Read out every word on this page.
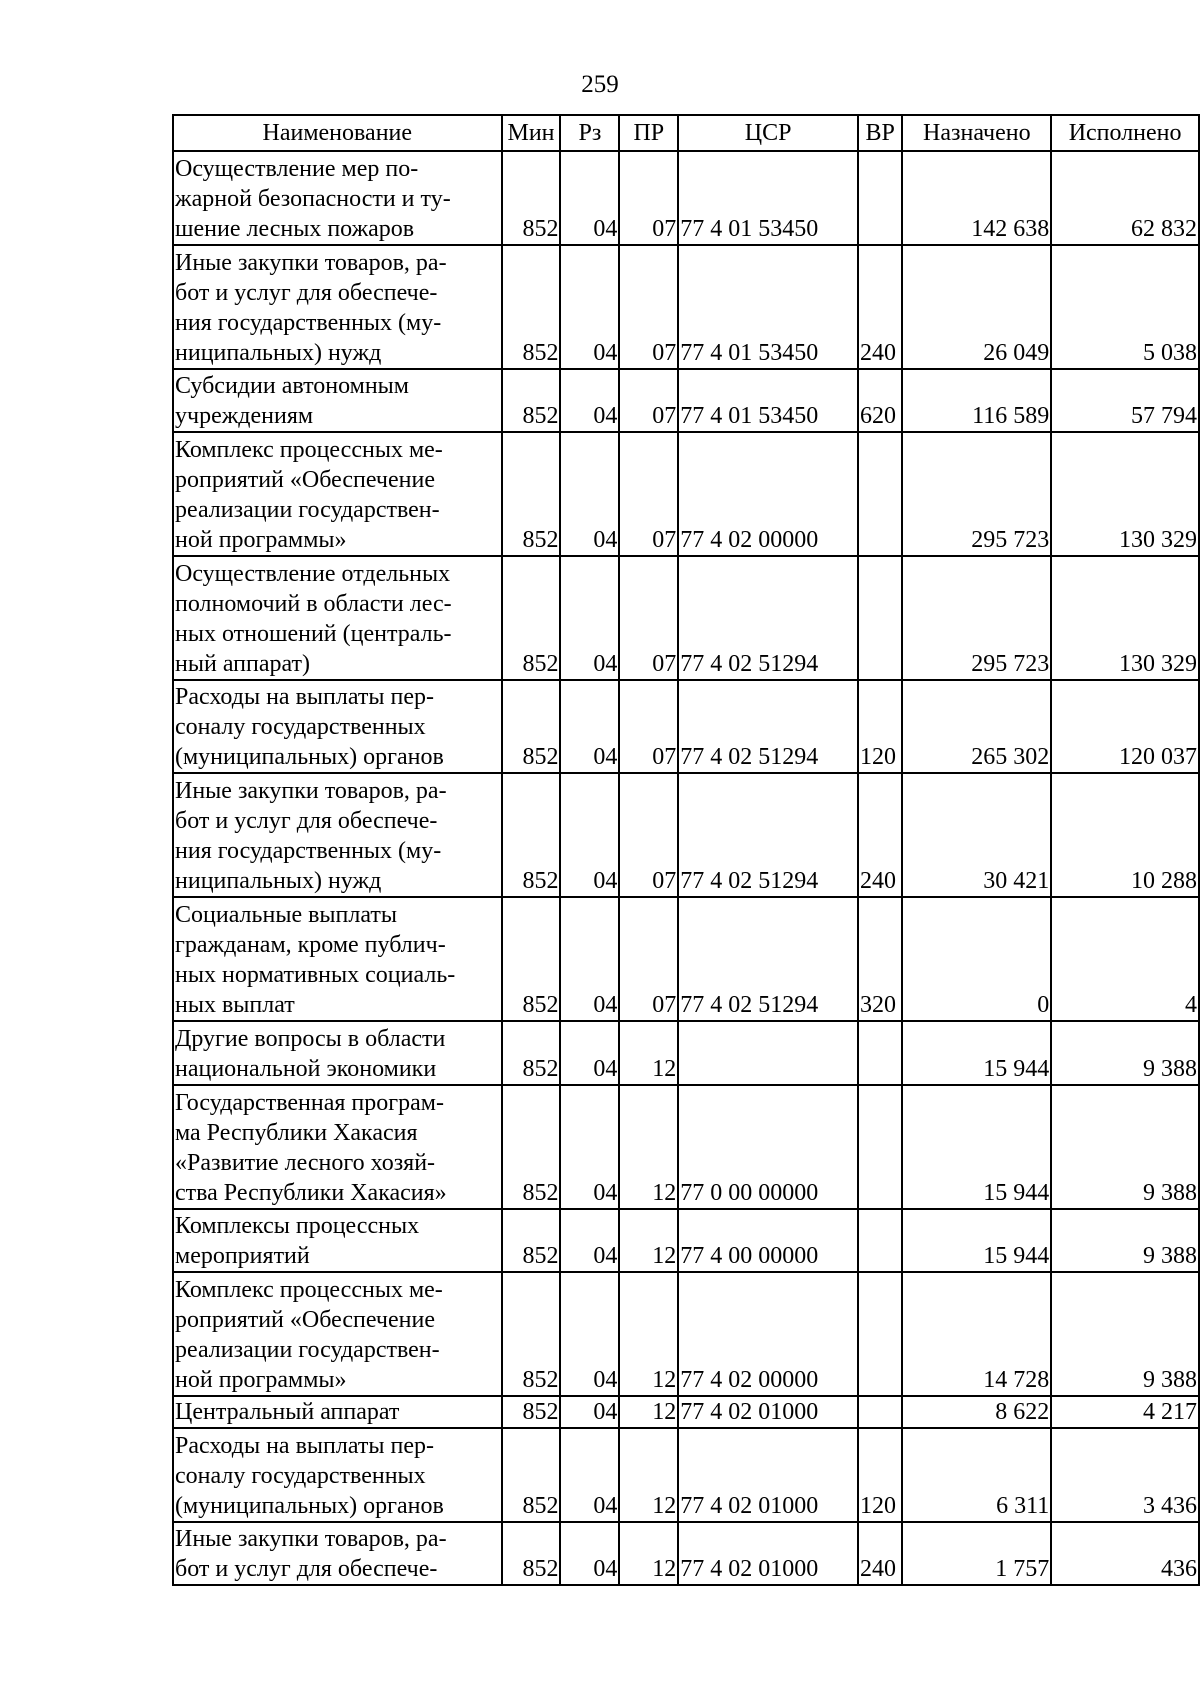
259
Наименование	Мин	Рз	ПР	ЦСР	ВР	Назначено	Исполнено
Осуществление мер по-
жарной безопасности и ту-
шение лесных пожаров	852	04	07	77 4 01 53450		142 638	62 832
Иные закупки товаров, ра-
бот и услуг для обеспече-
ния государственных (му-
ниципальных) нужд	852	04	07	77 4 01 53450	240	26 049	5 038
Субсидии автономным
учреждениям	852	04	07	77 4 01 53450	620	116 589	57 794
Комплекс процессных ме-
роприятий «Обеспечение
реализации государствен-
ной программы»	852	04	07	77 4 02 00000		295 723	130 329
Осуществление отдельных
полномочий в области лес-
ных отношений (централь-
ный аппарат)	852	04	07	77 4 02 51294		295 723	130 329
Расходы на выплаты пер-
соналу государственных
(муниципальных) органов	852	04	07	77 4 02 51294	120	265 302	120 037
Иные закупки товаров, ра-
бот и услуг для обеспече-
ния государственных (му-
ниципальных) нужд	852	04	07	77 4 02 51294	240	30 421	10 288
Социальные выплаты
гражданам, кроме публич-
ных нормативных социаль-
ных выплат	852	04	07	77 4 02 51294	320	0	4
Другие вопросы в области
национальной экономики	852	04	12			15 944	9 388
Государственная програм-
ма Республики Хакасия
«Развитие лесного хозяй-
ства Республики Хакасия»	852	04	12	77 0 00 00000		15 944	9 388
Комплексы процессных
мероприятий	852	04	12	77 4 00 00000		15 944	9 388
Комплекс процессных ме-
роприятий «Обеспечение
реализации государствен-
ной программы»	852	04	12	77 4 02 00000		14 728	9 388
Центральный аппарат	852	04	12	77 4 02 01000		8 622	4 217
Расходы на выплаты пер-
соналу государственных
(муниципальных) органов	852	04	12	77 4 02 01000	120	6 311	3 436
Иные закупки товаров, ра-
бот и услуг для обеспече-	852	04	12	77 4 02 01000	240	1 757	436
